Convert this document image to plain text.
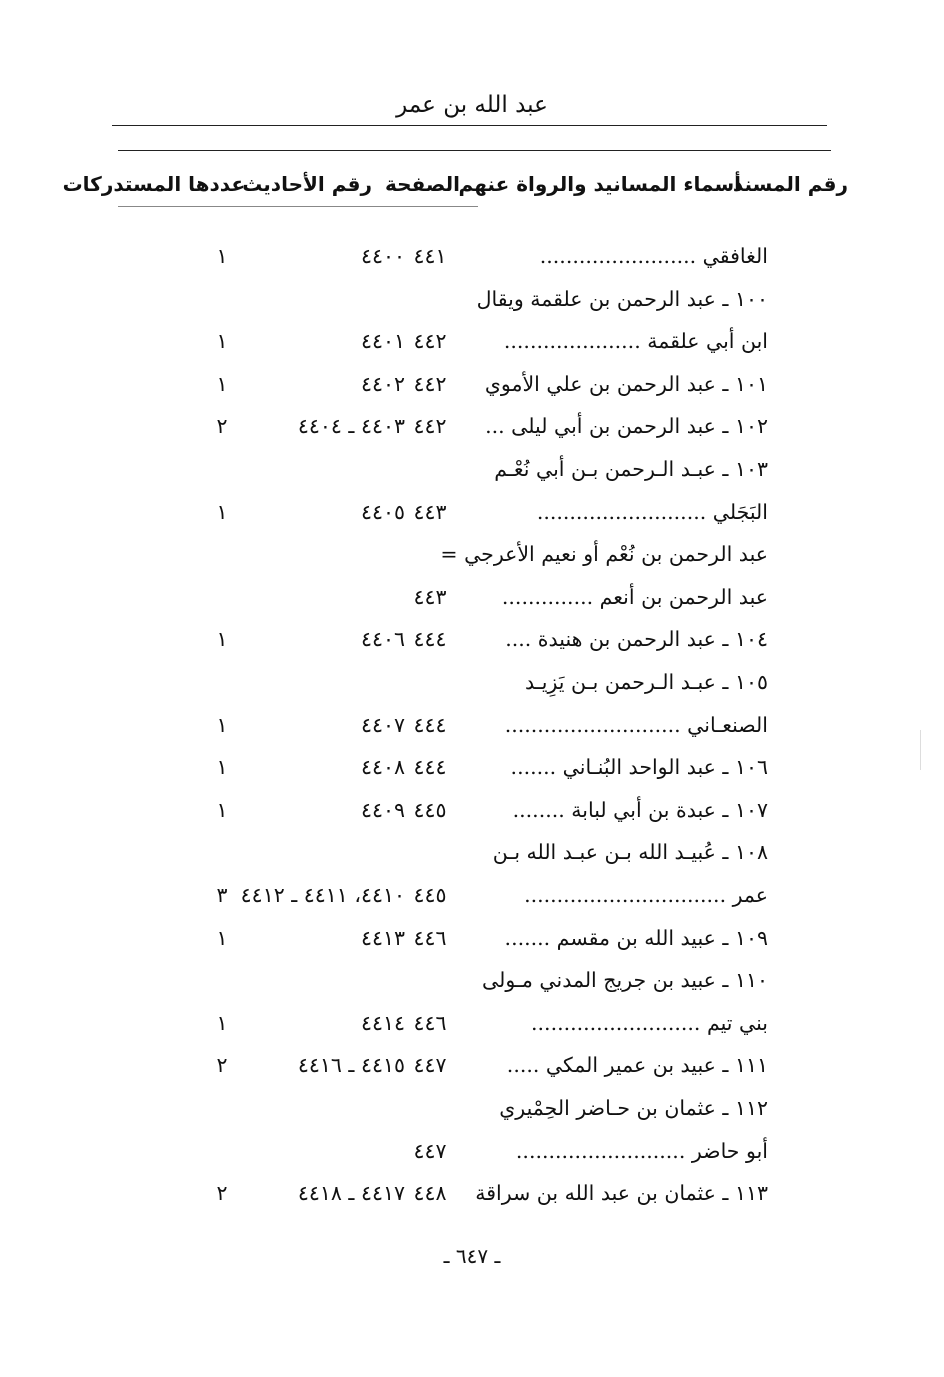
عبد الله بن عمر
رقم المسند
أسماء المسانيد والرواة عنهم
الصفحة
رقم الأحاديث
عددها المستدركات
الغافقي ........................
٤٤١
٤٤٠٠
١
١٠٠ ـ عبد الرحمن بن علقمة ويقال
ابن أبي علقمة .....................
٤٤٢
٤٤٠١
١
١٠١ ـ عبد الرحمن بن علي الأموي
٤٤٢
٤٤٠٢
١
١٠٢ ـ عبد الرحمن بن أبي ليلى ...
٤٤٢
٤٤٠٣ ـ ٤٤٠٤
٢
١٠٣ ـ عبـد الـرحمن بـن أبي نُعْـم
البَجَلي ..........................
٤٤٣
٤٤٠٥
١
عبد الرحمن بن نُعْم أو نعيم الأعرجي =
عبد الرحمن بن أنعم ..............
٤٤٣
١٠٤ ـ عبد الرحمن بن هنيدة ....
٤٤٤
٤٤٠٦
١
١٠٥ ـ عبـد الـرحمن بـن يَزِيـد
الصنعـاني ...........................
٤٤٤
٤٤٠٧
١
١٠٦ ـ عبد الواحد البُنـاني .......
٤٤٤
٤٤٠٨
١
١٠٧ ـ عبدة بن أبي لبابة ........
٤٤٥
٤٤٠٩
١
١٠٨ ـ عُبيـد الله بـن عبـد الله بـن
عمر ...............................
٤٤٥
٤٤١٠، ٤٤١١ ـ ٤٤١٢
٣
١٠٩ ـ عبيد الله بن مقسم .......
٤٤٦
٤٤١٣
١
١١٠ ـ عبيد بن جريج المدني مـولى
بني تيم ..........................
٤٤٦
٤٤١٤
١
١١١ ـ عبيد بن عمير المكي .....
٤٤٧
٤٤١٥ ـ ٤٤١٦
٢
١١٢ ـ عثمان بن حـاضر الحِمْيري
أبو حاضر ..........................
٤٤٧
١١٣ ـ عثمان بن عبد الله بن سراقة
٤٤٨
٤٤١٧ ـ ٤٤١٨
٢
ـ ٦٤٧ ـ
